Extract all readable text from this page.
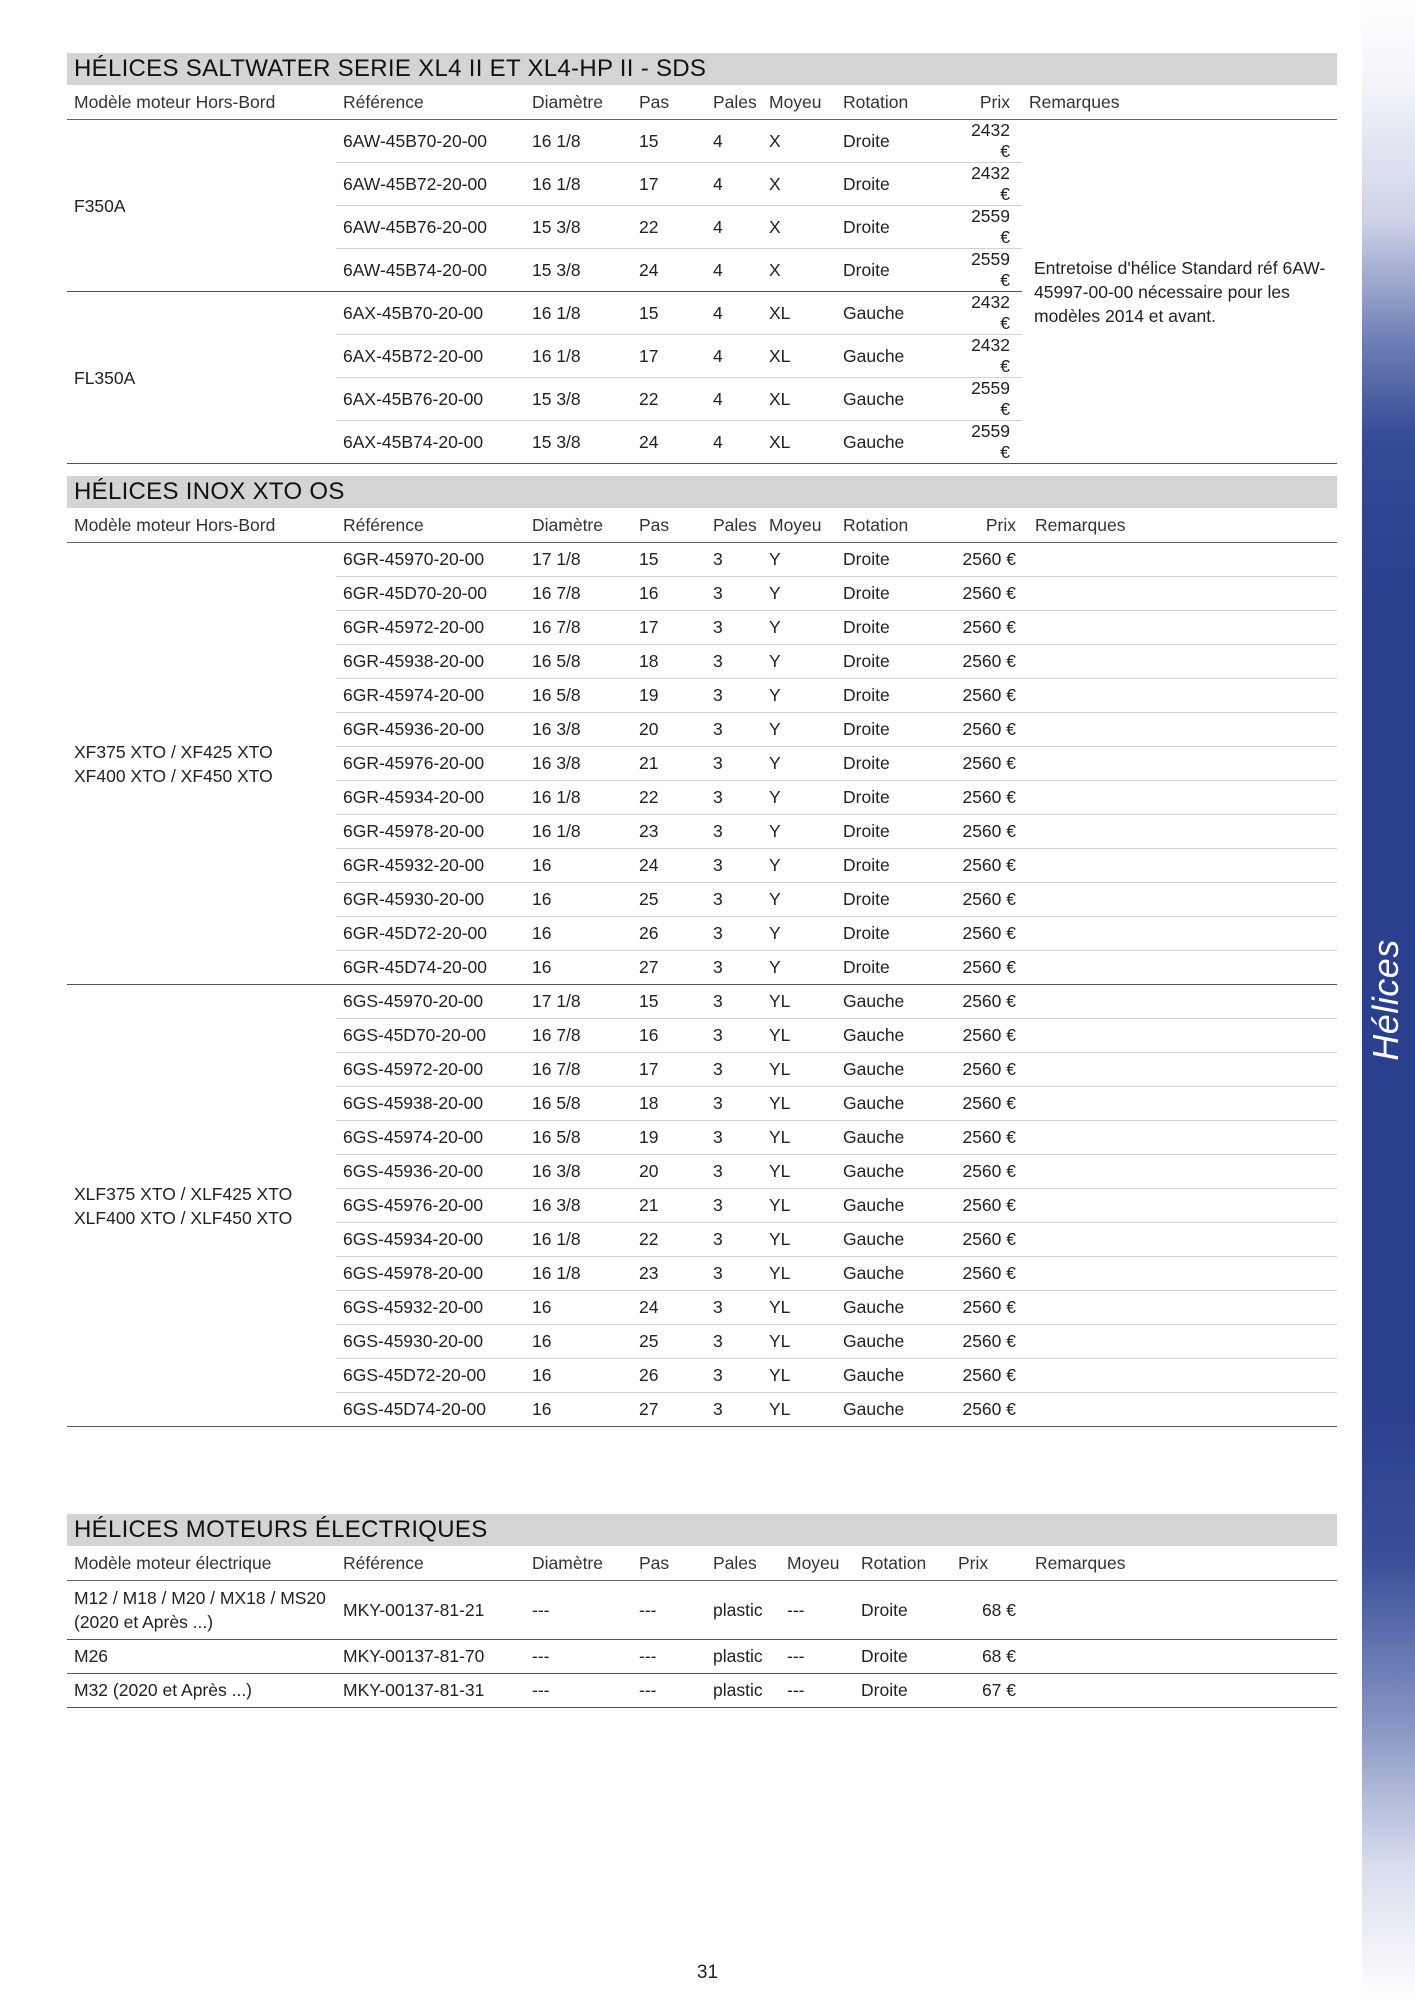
Hélices
HÉLICES SALTWATER SERIE XL4 II ET XL4-HP II - SDS
Modèle moteur Hors-Bord	Référence	Diamètre	Pas	Pales	Moyeu	Rotation	Prix	Remarques
F350A	6AW-45B70-20-00	16 1/8	15	4	X	Droite	2432 €	Entretoise d'hélice Standard réf 6AW-45997-00-00 nécessaire pour les modèles 2014 et avant.
	6AW-45B72-20-00	16 1/8	17	4	X	Droite	2432 €	
	6AW-45B76-20-00	15 3/8	22	4	X	Droite	2559 €	
	6AW-45B74-20-00	15 3/8	24	4	X	Droite	2559 €	
FL350A	6AX-45B70-20-00	16 1/8	15	4	XL	Gauche	2432 €	
	6AX-45B72-20-00	16 1/8	17	4	XL	Gauche	2432 €	
	6AX-45B76-20-00	15 3/8	22	4	XL	Gauche	2559 €	
	6AX-45B74-20-00	15 3/8	24	4	XL	Gauche	2559 €	
HÉLICES INOX XTO OS
Modèle moteur Hors-Bord	Référence	Diamètre	Pas	Pales	Moyeu	Rotation	Prix	Remarques
XF375 XTO / XF425 XTO
XF400 XTO / XF450 XTO	6GR-45970-20-00	17 1/8	15	3	Y	Droite	2560 €	
	6GR-45D70-20-00	16 7/8	16	3	Y	Droite	2560 €	
	6GR-45972-20-00	16 7/8	17	3	Y	Droite	2560 €	
	6GR-45938-20-00	16 5/8	18	3	Y	Droite	2560 €	
	6GR-45974-20-00	16 5/8	19	3	Y	Droite	2560 €	
	6GR-45936-20-00	16 3/8	20	3	Y	Droite	2560 €	
	6GR-45976-20-00	16 3/8	21	3	Y	Droite	2560 €	
	6GR-45934-20-00	16 1/8	22	3	Y	Droite	2560 €	
	6GR-45978-20-00	16 1/8	23	3	Y	Droite	2560 €	
	6GR-45932-20-00	16	24	3	Y	Droite	2560 €	
	6GR-45930-20-00	16	25	3	Y	Droite	2560 €	
	6GR-45D72-20-00	16	26	3	Y	Droite	2560 €	
	6GR-45D74-20-00	16	27	3	Y	Droite	2560 €	
XLF375 XTO / XLF425 XTO
XLF400 XTO / XLF450 XTO	6GS-45970-20-00	17 1/8	15	3	YL	Gauche	2560 €	
	6GS-45D70-20-00	16 7/8	16	3	YL	Gauche	2560 €	
	6GS-45972-20-00	16 7/8	17	3	YL	Gauche	2560 €	
	6GS-45938-20-00	16 5/8	18	3	YL	Gauche	2560 €	
	6GS-45974-20-00	16 5/8	19	3	YL	Gauche	2560 €	
	6GS-45936-20-00	16 3/8	20	3	YL	Gauche	2560 €	
	6GS-45976-20-00	16 3/8	21	3	YL	Gauche	2560 €	
	6GS-45934-20-00	16 1/8	22	3	YL	Gauche	2560 €	
	6GS-45978-20-00	16 1/8	23	3	YL	Gauche	2560 €	
	6GS-45932-20-00	16	24	3	YL	Gauche	2560 €	
	6GS-45930-20-00	16	25	3	YL	Gauche	2560 €	
	6GS-45D72-20-00	16	26	3	YL	Gauche	2560 €	
	6GS-45D74-20-00	16	27	3	YL	Gauche	2560 €	
HÉLICES MOTEURS ÉLECTRIQUES
Modèle moteur électrique	Référence	Diamètre	Pas	Pales	Moyeu	Rotation	Prix	Remarques
M12 / M18 / M20 / MX18 / MS20
(2020 et Après ...)	MKY-00137-81-21	---	---	plastic	---	Droite	68 €	
M26	MKY-00137-81-70	---	---	plastic	---	Droite	68 €	
M32 (2020 et Après ...)	MKY-00137-81-31	---	---	plastic	---	Droite	67 €	
31
